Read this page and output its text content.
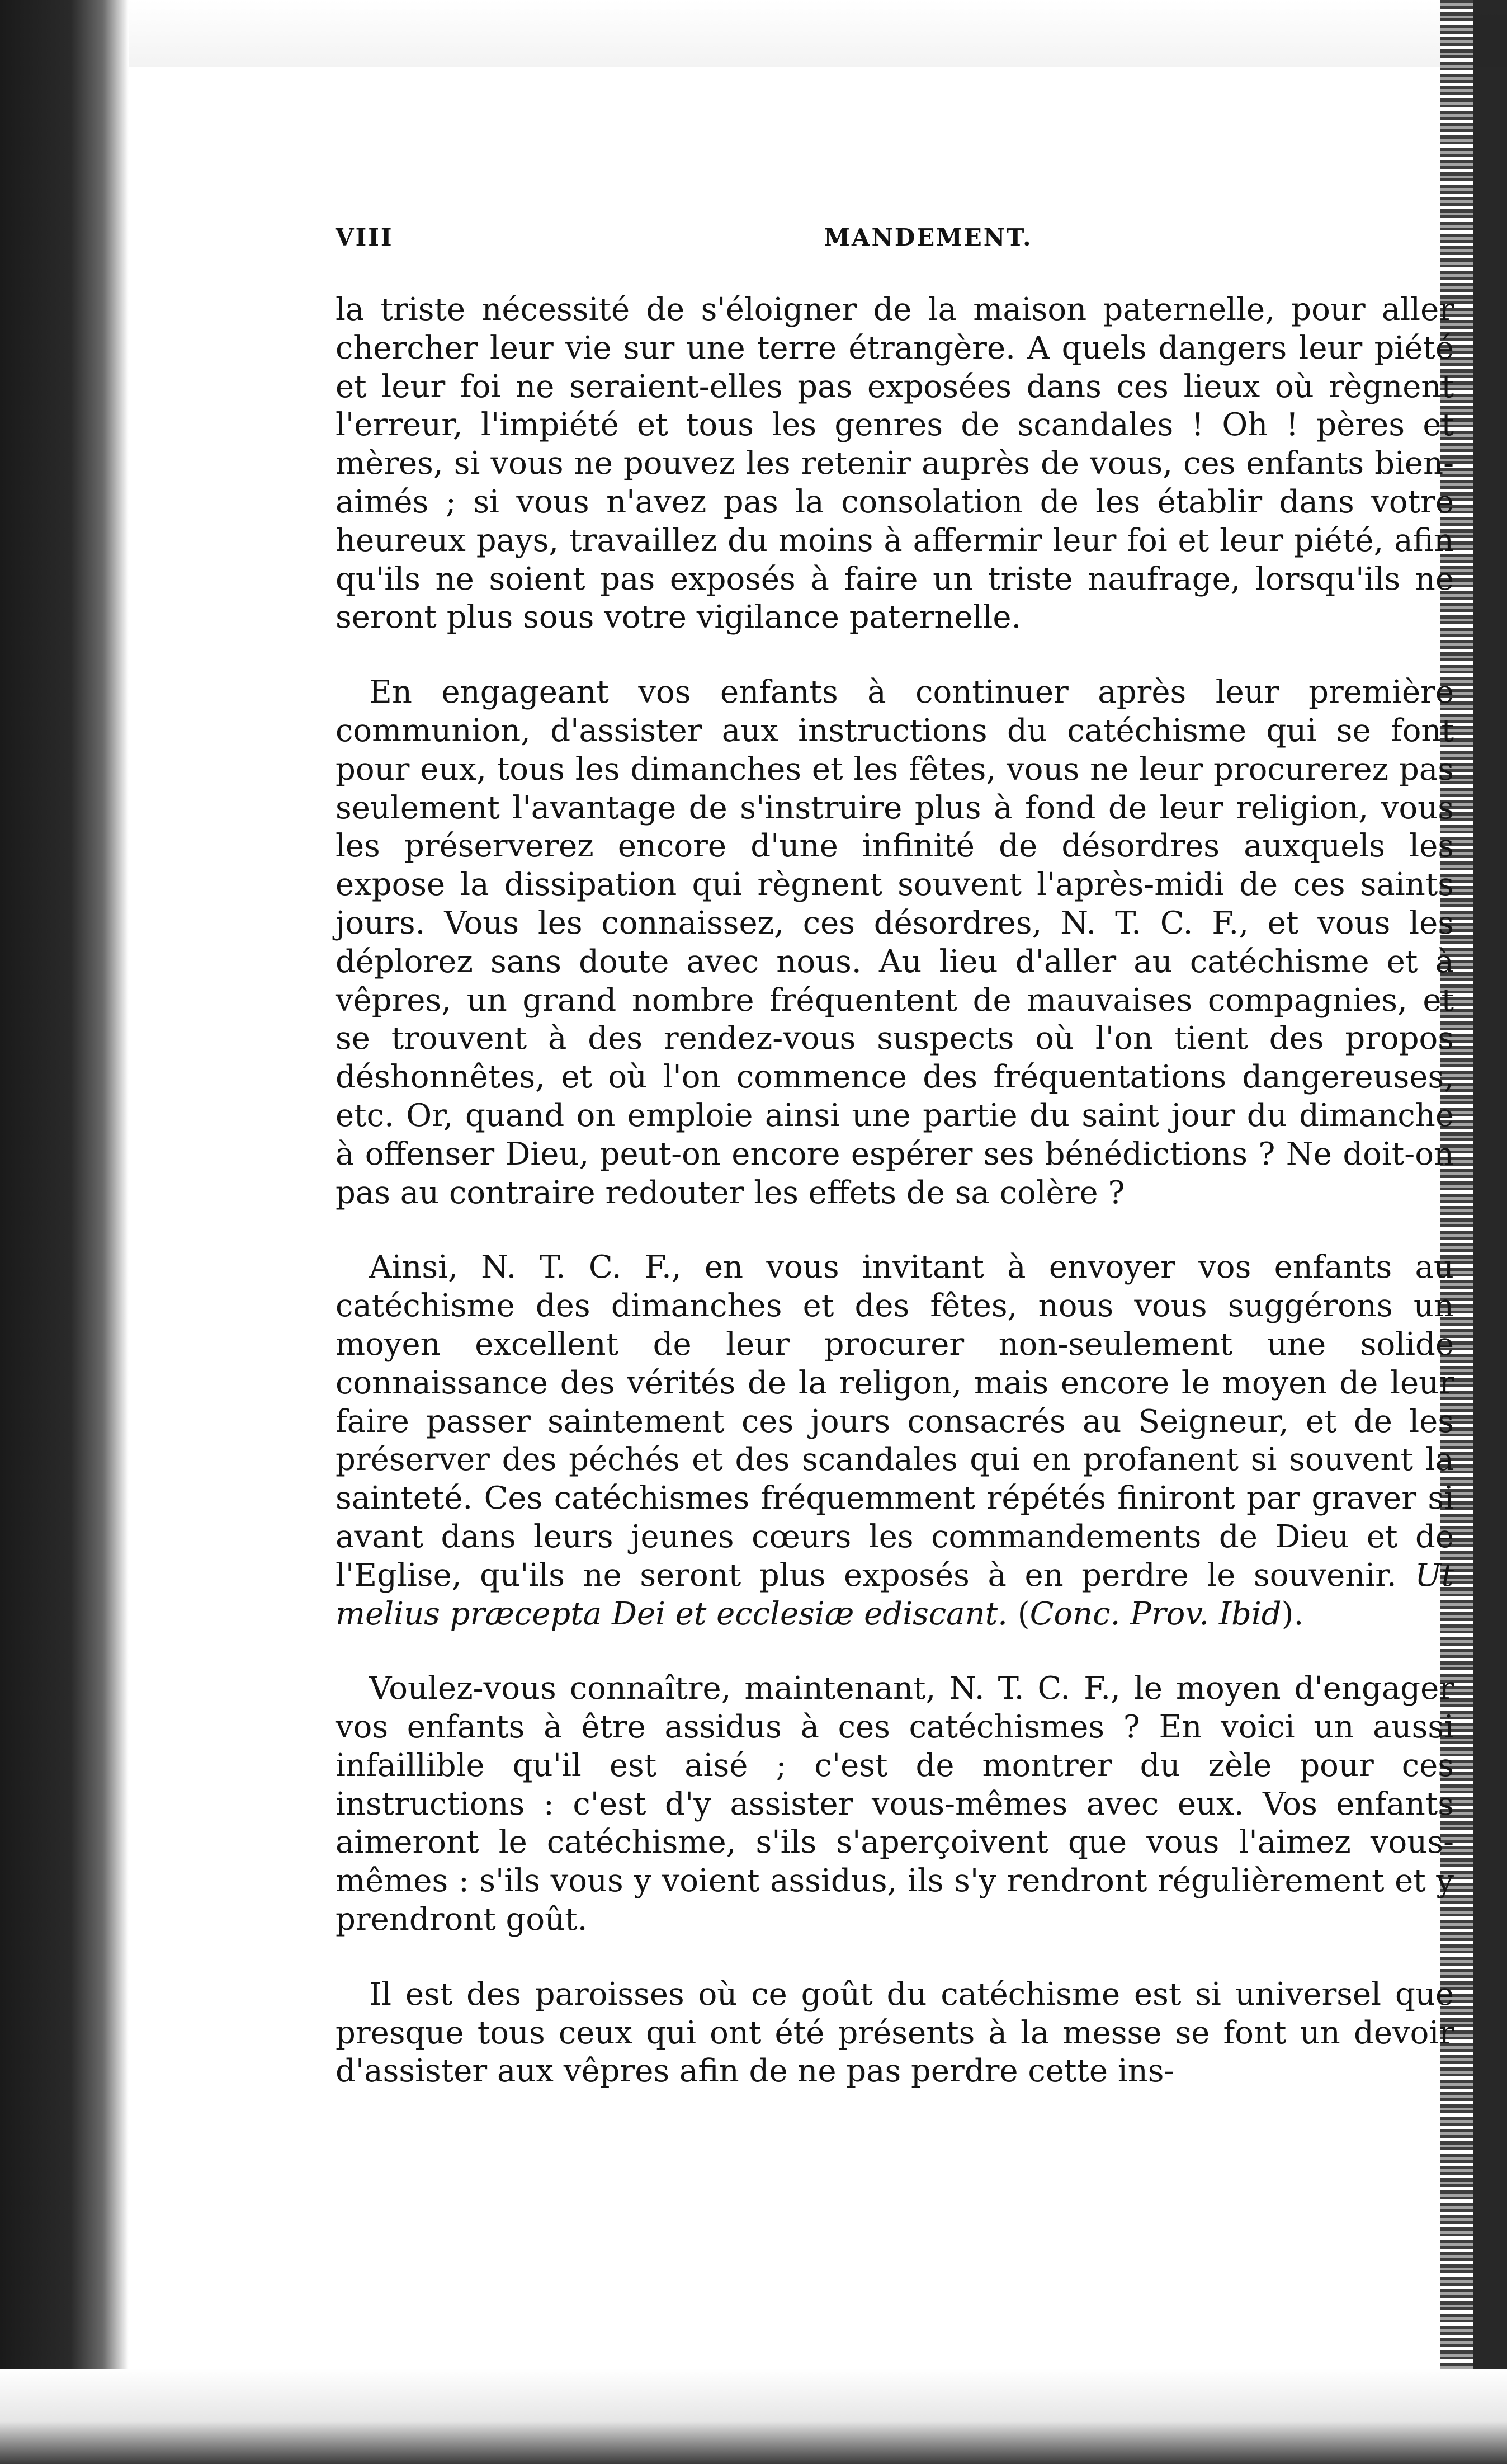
VIII	MANDEMENT.

la triste nécessité de s'éloigner de la maison paternelle, pour aller chercher leur vie sur une terre étrangère. A quels dangers leur piété et leur foi ne seraient-elles pas exposées dans ces lieux où règnent l'erreur, l'impiété et tous les genres de scandales ! Oh ! pères et mères, si vous ne pouvez les retenir auprès de vous, ces enfants bien-aimés ; si vous n'avez pas la consolation de les établir dans votre heureux pays, travaillez du moins à affermir leur foi et leur piété, afin qu'ils ne soient pas exposés à faire un triste naufrage, lorsqu'ils ne seront plus sous votre vigilance paternelle.

En engageant vos enfants à continuer après leur première communion, d'assister aux instructions du catéchisme qui se font pour eux, tous les dimanches et les fêtes, vous ne leur procurerez pas seulement l'avantage de s'instruire plus à fond de leur religion, vous les préserverez encore d'une infinité de désordres auxquels les expose la dissipation qui règnent souvent l'après-midi de ces saints jours. Vous les connaissez, ces désordres, N. T. C. F., et vous les déplorez sans doute avec nous. Au lieu d'aller au catéchisme et à vêpres, un grand nombre fréquentent de mauvaises compagnies, et se trouvent à des rendez-vous suspects où l'on tient des propos déshonnêtes, et où l'on commence des fréquentations dangereuses, etc. Or, quand on emploie ainsi une partie du saint jour du dimanche à offenser Dieu, peut-on encore espérer ses bénédictions ? Ne doit-on pas au contraire redouter les effets de sa colère ?

Ainsi, N. T. C. F., en vous invitant à envoyer vos enfants au catéchisme des dimanches et des fêtes, nous vous suggérons un moyen excellent de leur procurer non-seulement une solide connaissance des vérités de la religon, mais encore le moyen de leur faire passer saintement ces jours consacrés au Seigneur, et de les préserver des péchés et des scandales qui en profanent si souvent la sainteté. Ces catéchismes fréquemment répétés finiront par graver si avant dans leurs jeunes cœurs les commandements de Dieu et de l'Eglise, qu'ils ne seront plus exposés à en perdre le souvenir. Ut melius præcepta Dei et ecclesiæ ediscant. (Conc. Prov. Ibid).

Voulez-vous connaître, maintenant, N. T. C. F., le moyen d'engager vos enfants à être assidus à ces catéchismes ? En voici un aussi infaillible qu'il est aisé ; c'est de montrer du zèle pour ces instructions : c'est d'y assister vous-mêmes avec eux. Vos enfants aimeront le catéchisme, s'ils s'aperçoivent que vous l'aimez vous-mêmes : s'ils vous y voient assidus, ils s'y rendront régulièrement et y prendront goût.

Il est des paroisses où ce goût du catéchisme est si universel que presque tous ceux qui ont été présents à la messe se font un devoir d'assister aux vêpres afin de ne pas perdre cette ins-
